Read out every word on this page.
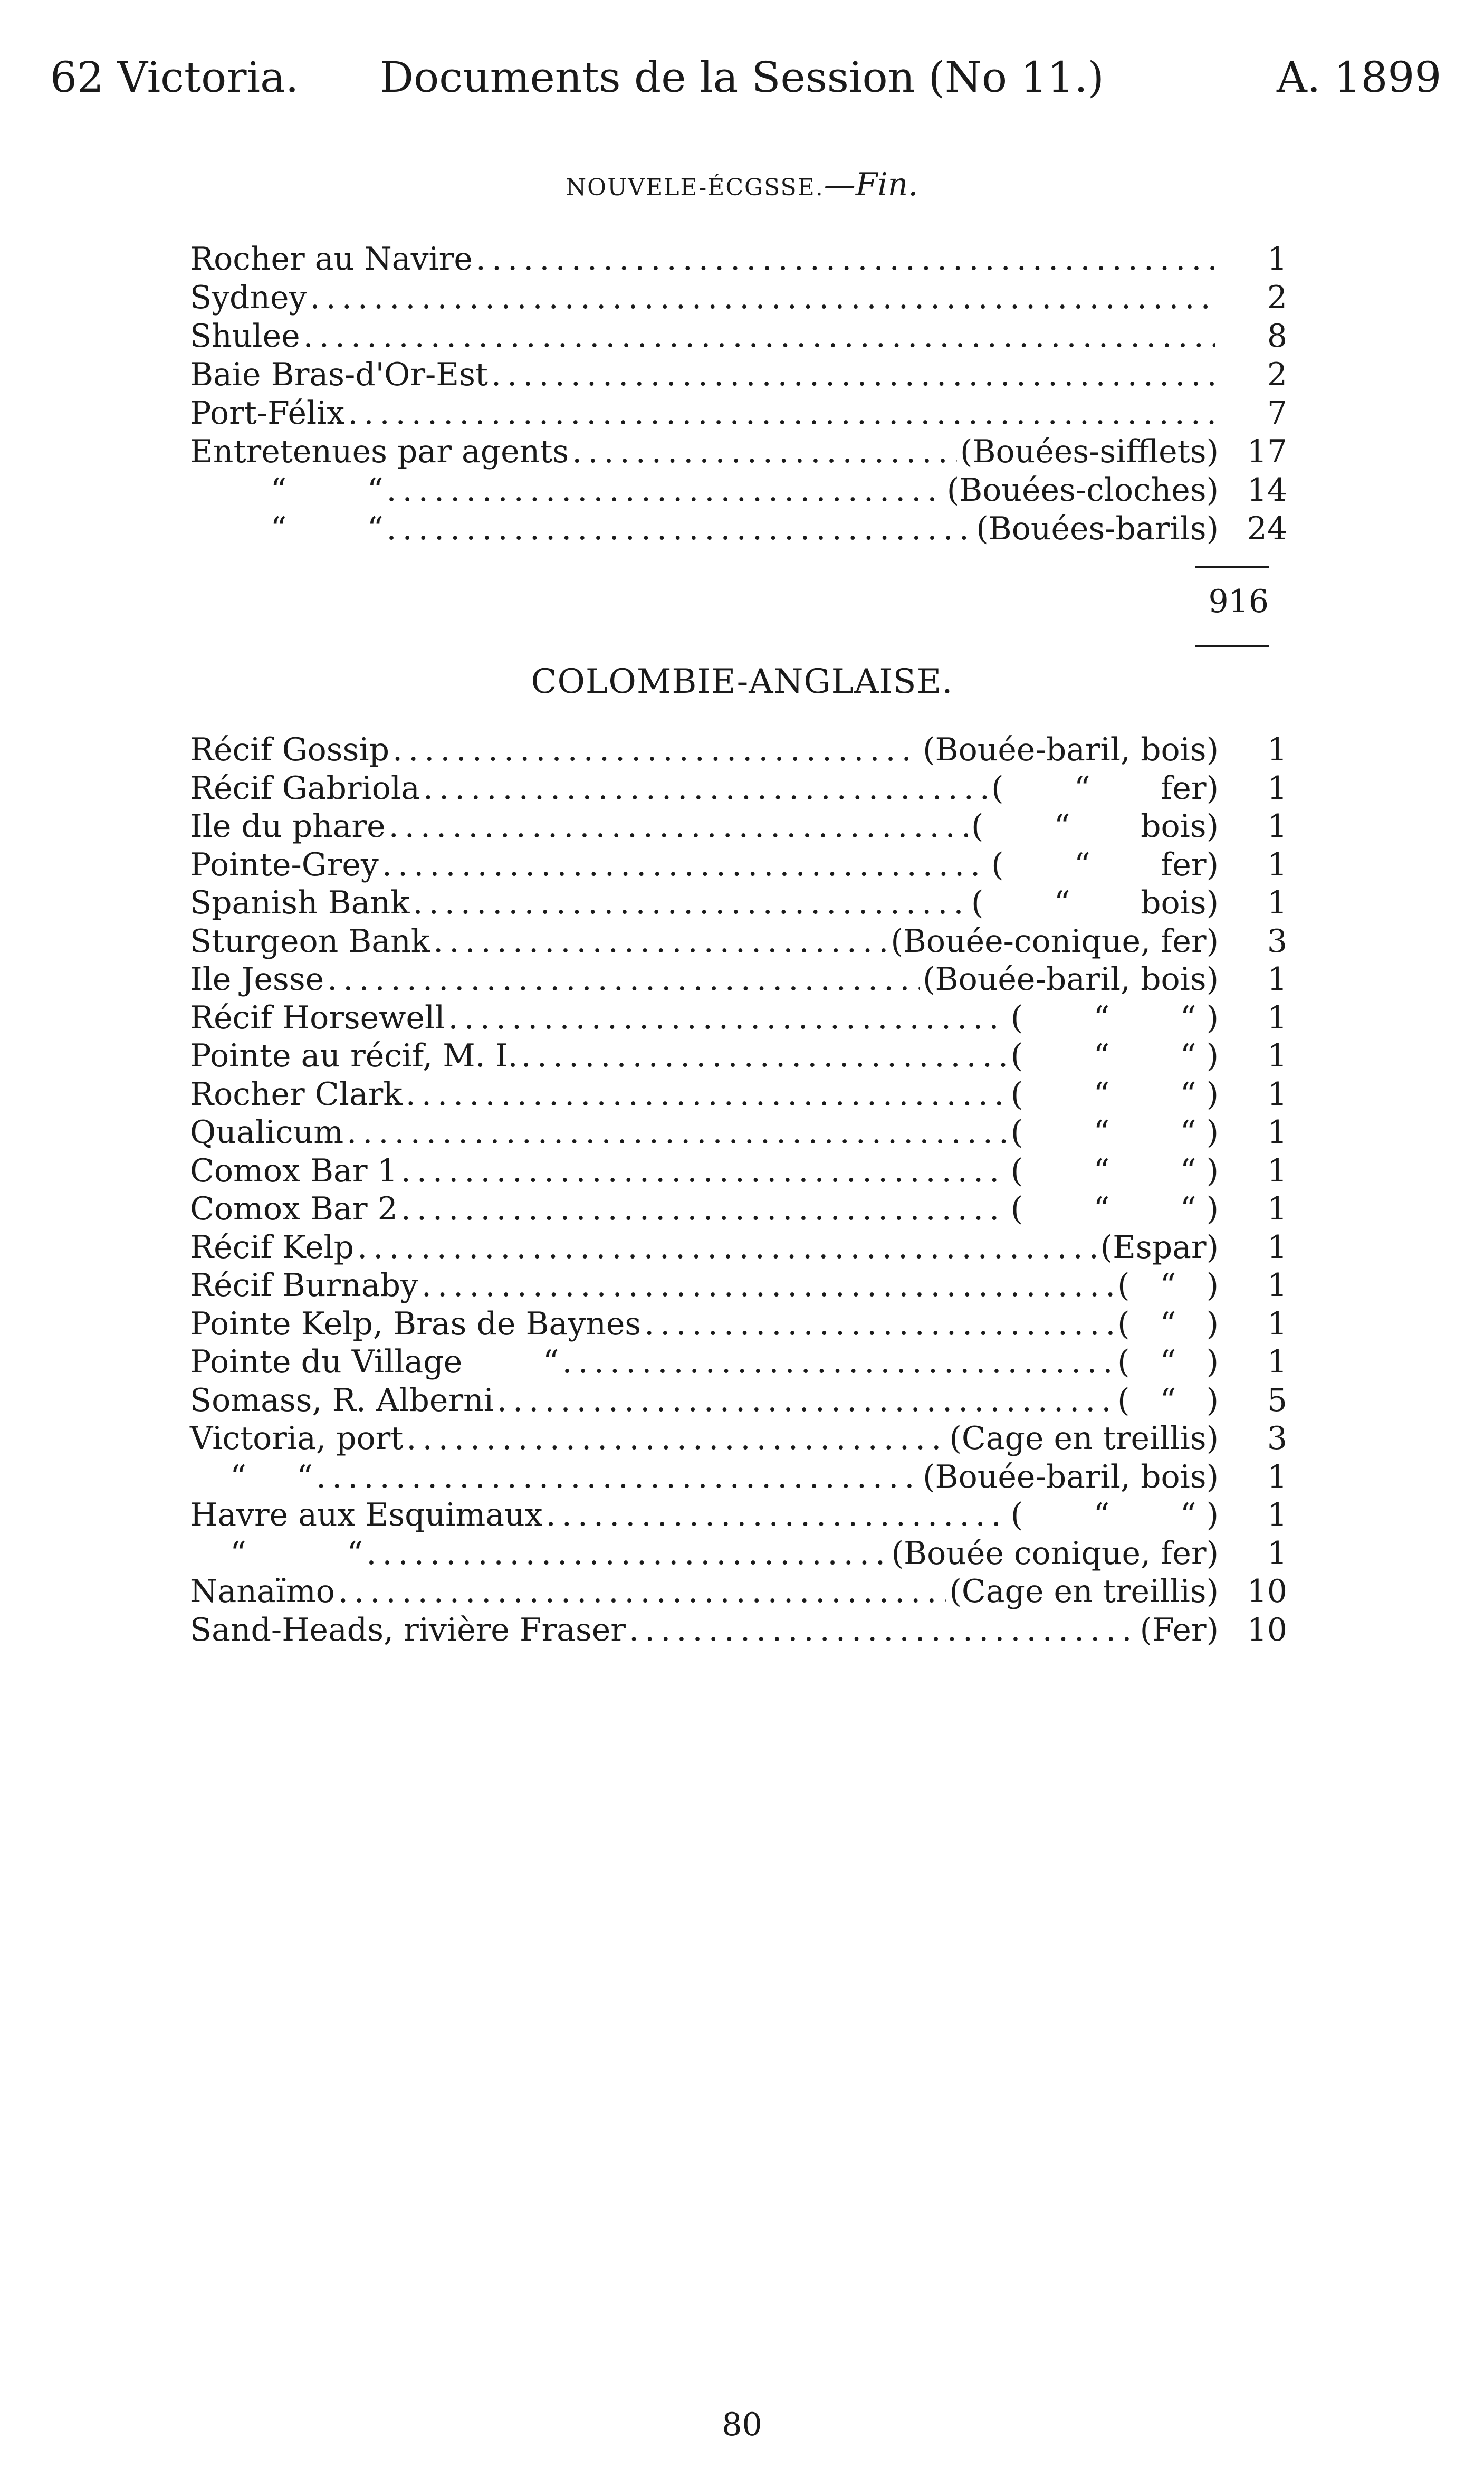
62 Victoria. Documents de la Session (No 11.)	A. 1899
NOUVELE-ÉCGSSE.—Fin.
Rocher au Navire . . .	1
Sydney . . .	2
Shulee . . .	8
Baie Bras-d'Or-Est . . .	2
Port-Félix . . .	7
Entretenues par agents . . .	(Bouées-sifflets) 17
“        “ . . .	(Bouées-cloches) 14
“        “ . . .	(Bouées-barils) 24
916
COLOMBIE-ANGLAISE.
Récif Gossip . . .	(Bouée-baril, bois)	1
Récif Gabriola . . .	(       “       fer)	1
Ile du phare . . .	(       “       bois)	1
Pointe-Grey . . .	(       “       fer)	1
Spanish Bank . . .	(       “       bois)	1
Sturgeon Bank . . .	(Bouée-conique, fer)	3
Ile Jesse . . .	(Bouée-baril, bois)	1
Récif Horsewell . . .	(       “       “ )	1
Pointe au récif, M. I. . . .	(       “       “ )	1
Rocher Clark . . .	(       “       “ )	1
Qualicum . . .	(       “       “ )	1
Comox Bar 1 . . .	(       “       “ )	1
Comox Bar 2 . . .	(       “       “ )	1
Récif Kelp . . .	(Espar)	1
Récif Burnaby . . .	(   “   )	1
Pointe Kelp, Bras de Baynes . . .	(   “   )	1
Pointe du Village        “ . . .	(   “   )	1
Somass, R. Alberni . . .	(   “   )	5
Victoria, port . . .	(Cage en treillis)	3
“     “ . . .	(Bouée-baril, bois)	1
Havre aux Esquimaux . . .	(       “       “ )	1
“          “ . . .	(Bouée conique, fer)	1
Nanaïmo . . .	(Cage en treillis) 10
Sand-Heads, rivière Fraser . . .	(Fer) 10
80
